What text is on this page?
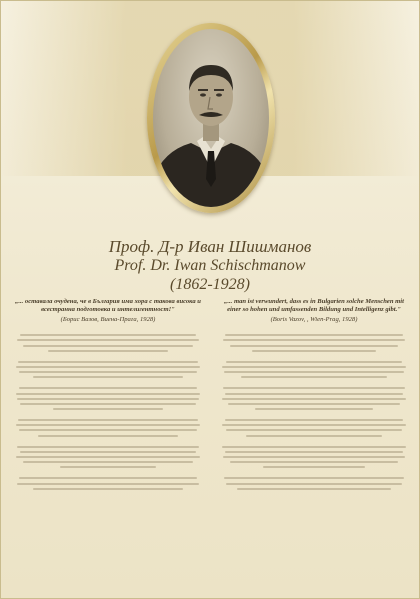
Проф. Д-р Иван Шишманов
Prof. Dr. Iwan Schischmanow
(1862-1928)

„... оставала очудена, че в България има хора с такова висока и всестранна подготовка и интелигентност!"

(Борис Вазов, Виена-Прага, 1928)

„... man ist verwundert, dass es in Bulgarien solche Menschen mit einer so hohen und umfassenden Bildung und Intelligenz gibt."

(Boris Vazov, , Wien-Prag, 1928)
